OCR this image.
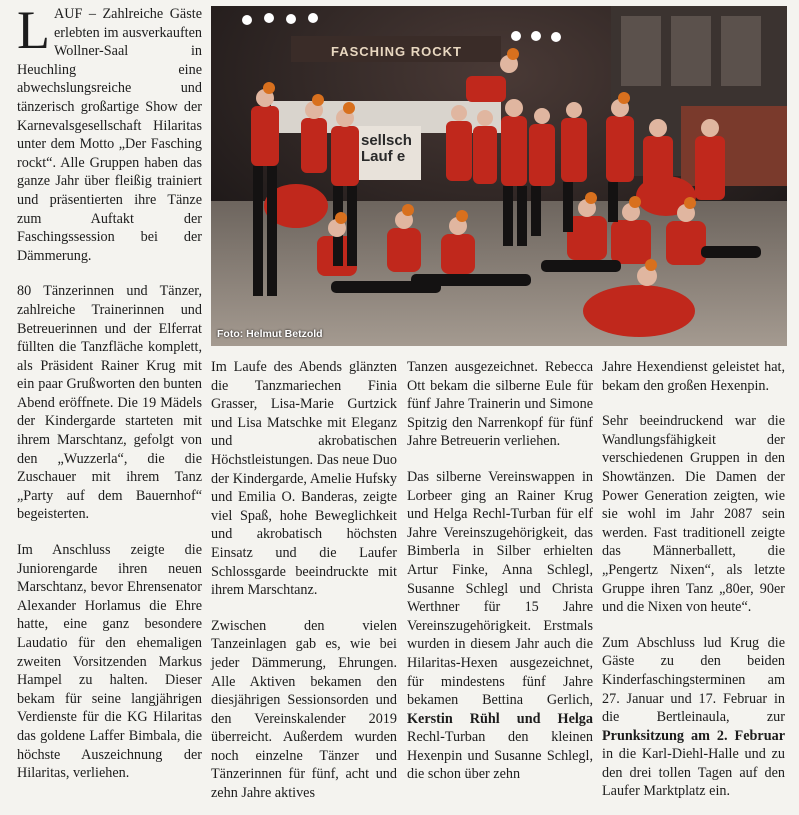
LAUF – Zahlreiche Gäste erlebten im ausverkauften Wollner-Saal in Heuchling eine abwechslungsreiche und tänzerisch großartige Show der Karnevalsgesellschaft Hilaritas unter dem Motto „Der Fasching rockt“. Alle Gruppen haben das ganze Jahr über fleißig trainiert und präsentierten ihre Tänze zum Auftakt der Faschingssession bei der Dämmerung.

80 Tänzerinnen und Tänzer, zahlreiche Trainerinnen und Betreuerinnen und der Elferrat füllten die Tanzfläche komplett, als Präsident Rainer Krug mit ein paar Grußworten den bunten Abend eröffnete. Die 19 Mädels der Kindergarde starteten mit ihrem Marschtanz, gefolgt von den „Wuzzerla“, die die Zuschauer mit ihrem Tanz „Party auf dem Bauernhof“ begeisterten.

Im Anschluss zeigte die Juniorengarde ihren neuen Marschtanz, bevor Ehrensenator Alexander Horlamus die Ehre hatte, eine ganz besondere Laudatio für den ehemaligen zweiten Vorsitzenden Markus Hampel zu halten. Dieser bekam für seine langjährigen Verdienste für die KG Hilaritas das goldene Laffer Bimbala, die höchste Auszeichnung der Hilaritas, verliehen.

FASCHING ROCKT
sellsch
Lauf e
Foto: Helmut Betzold

Im Laufe des Abends glänzten die Tanzmariechen Finia Grasser, Lisa-Marie Gurtzick und Lisa Matschke mit Eleganz und akrobatischen Höchstleistungen. Das neue Duo der Kindergarde, Amelie Hufsky und Emilia O. Banderas, zeigte viel Spaß, hohe Beweglichkeit und akrobatisch höchsten Einsatz und die Laufer Schlossgarde beeindruckte mit ihrem Marschtanz.

Zwischen den vielen Tanzeinlagen gab es, wie bei jeder Dämmerung, Ehrungen. Alle Aktiven bekamen den diesjährigen Sessionsorden und den Vereinskalender 2019 überreicht. Außerdem wurden noch einzelne Tänzer und Tänzerinnen für fünf, acht und zehn Jahre aktives

Tanzen ausgezeichnet. Rebecca Ott bekam die silberne Eule für fünf Jahre Trainerin und Simone Spitzig den Narrenkopf für fünf Jahre Betreuerin verliehen.

Das silberne Vereinswappen in Lorbeer ging an Rainer Krug und Helga Rechl-Turban für elf Jahre Vereinszugehörigkeit, das Bimberla in Silber erhielten Artur Finke, Anna Schlegl, Susanne Schlegl und Christa Werthner für 15 Jahre Vereinszugehörigkeit. Erstmals wurden in diesem Jahr auch die Hilaritas-Hexen ausgezeichnet, für mindestens fünf Jahre bekamen Bettina Gerlich, Kerstin Rühl und Helga Rechl-Turban den kleinen Hexenpin und Susanne Schlegl, die schon über zehn

Jahre Hexendienst geleistet hat, bekam den großen Hexenpin.

Sehr beeindruckend war die Wandlungsfähigkeit der verschiedenen Gruppen in den Showtänzen. Die Damen der Power Generation zeigten, wie sie wohl im Jahr 2087 sein werden. Fast traditionell zeigte das Männerballett, die „Pengertz Nixen“, als letzte Gruppe ihren Tanz „80er, 90er und die Nixen von heute“.

Zum Abschluss lud Krug die Gäste zu den beiden Kinderfaschingsterminen am 27. Januar und 17. Februar in die Bertleinaula, zur Prunksitzung am 2. Februar in die Karl-Diehl-Halle und zu den drei tollen Tagen auf den Laufer Marktplatz ein.
